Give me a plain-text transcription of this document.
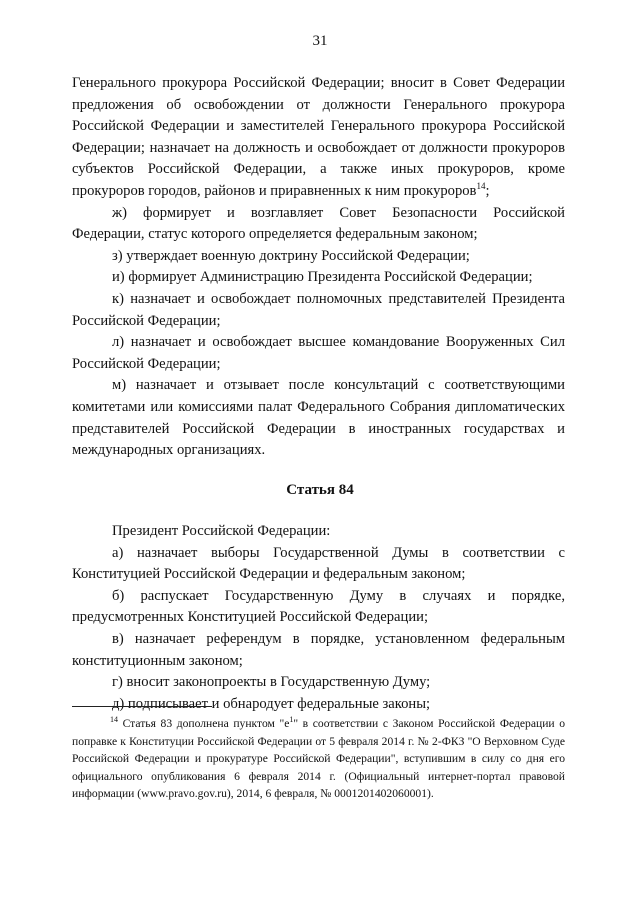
31

Генерального прокурора Российской Федерации; вносит в Совет Федерации предложения об освобождении от должности Генерального прокурора Российской Федерации и заместителей Генерального прокурора Российской Федерации; назначает на должность и освобождает от должности прокуроров субъектов Российской Федерации, а также иных прокуроров, кроме прокуроров городов, районов и приравненных к ним прокуроров$^{14}$;

ж) формирует и возглавляет Совет Безопасности Российской Федерации, статус которого определяется федеральным законом;

з) утверждает военную доктрину Российской Федерации;

и) формирует Администрацию Президента Российской Федерации;

к) назначает и освобождает полномочных представителей Президента Российской Федерации;

л) назначает и освобождает высшее командование Вооруженных Сил Российской Федерации;

м) назначает и отзывает после консультаций с соответствующими комитетами или комиссиями палат Федерального Собрания дипломатических представителей Российской Федерации в иностранных государствах и международных организациях.

Статья 84

Президент Российской Федерации:

а) назначает выборы Государственной Думы в соответствии с Конституцией Российской Федерации и федеральным законом;

б) распускает Государственную Думу в случаях и порядке, предусмотренных Конституцией Российской Федерации;

в) назначает референдум в порядке, установленном федеральным конституционным законом;

г) вносит законопроекты в Государственную Думу;

д) подписывает и обнародует федеральные законы;

$^{14}$ Статья 83 дополнена пунктом "е$^1$" в соответствии с Законом Российской Федерации о поправке к Конституции Российской Федерации от 5 февраля 2014 г. № 2-ФКЗ "О Верховном Суде Российской Федерации и прокуратуре Российской Федерации", вступившим в силу со дня его официального опубликования 6 февраля 2014 г. (Официальный интернет-портал правовой информации (www.pravo.gov.ru), 2014, 6 февраля, № 0001201402060001).
